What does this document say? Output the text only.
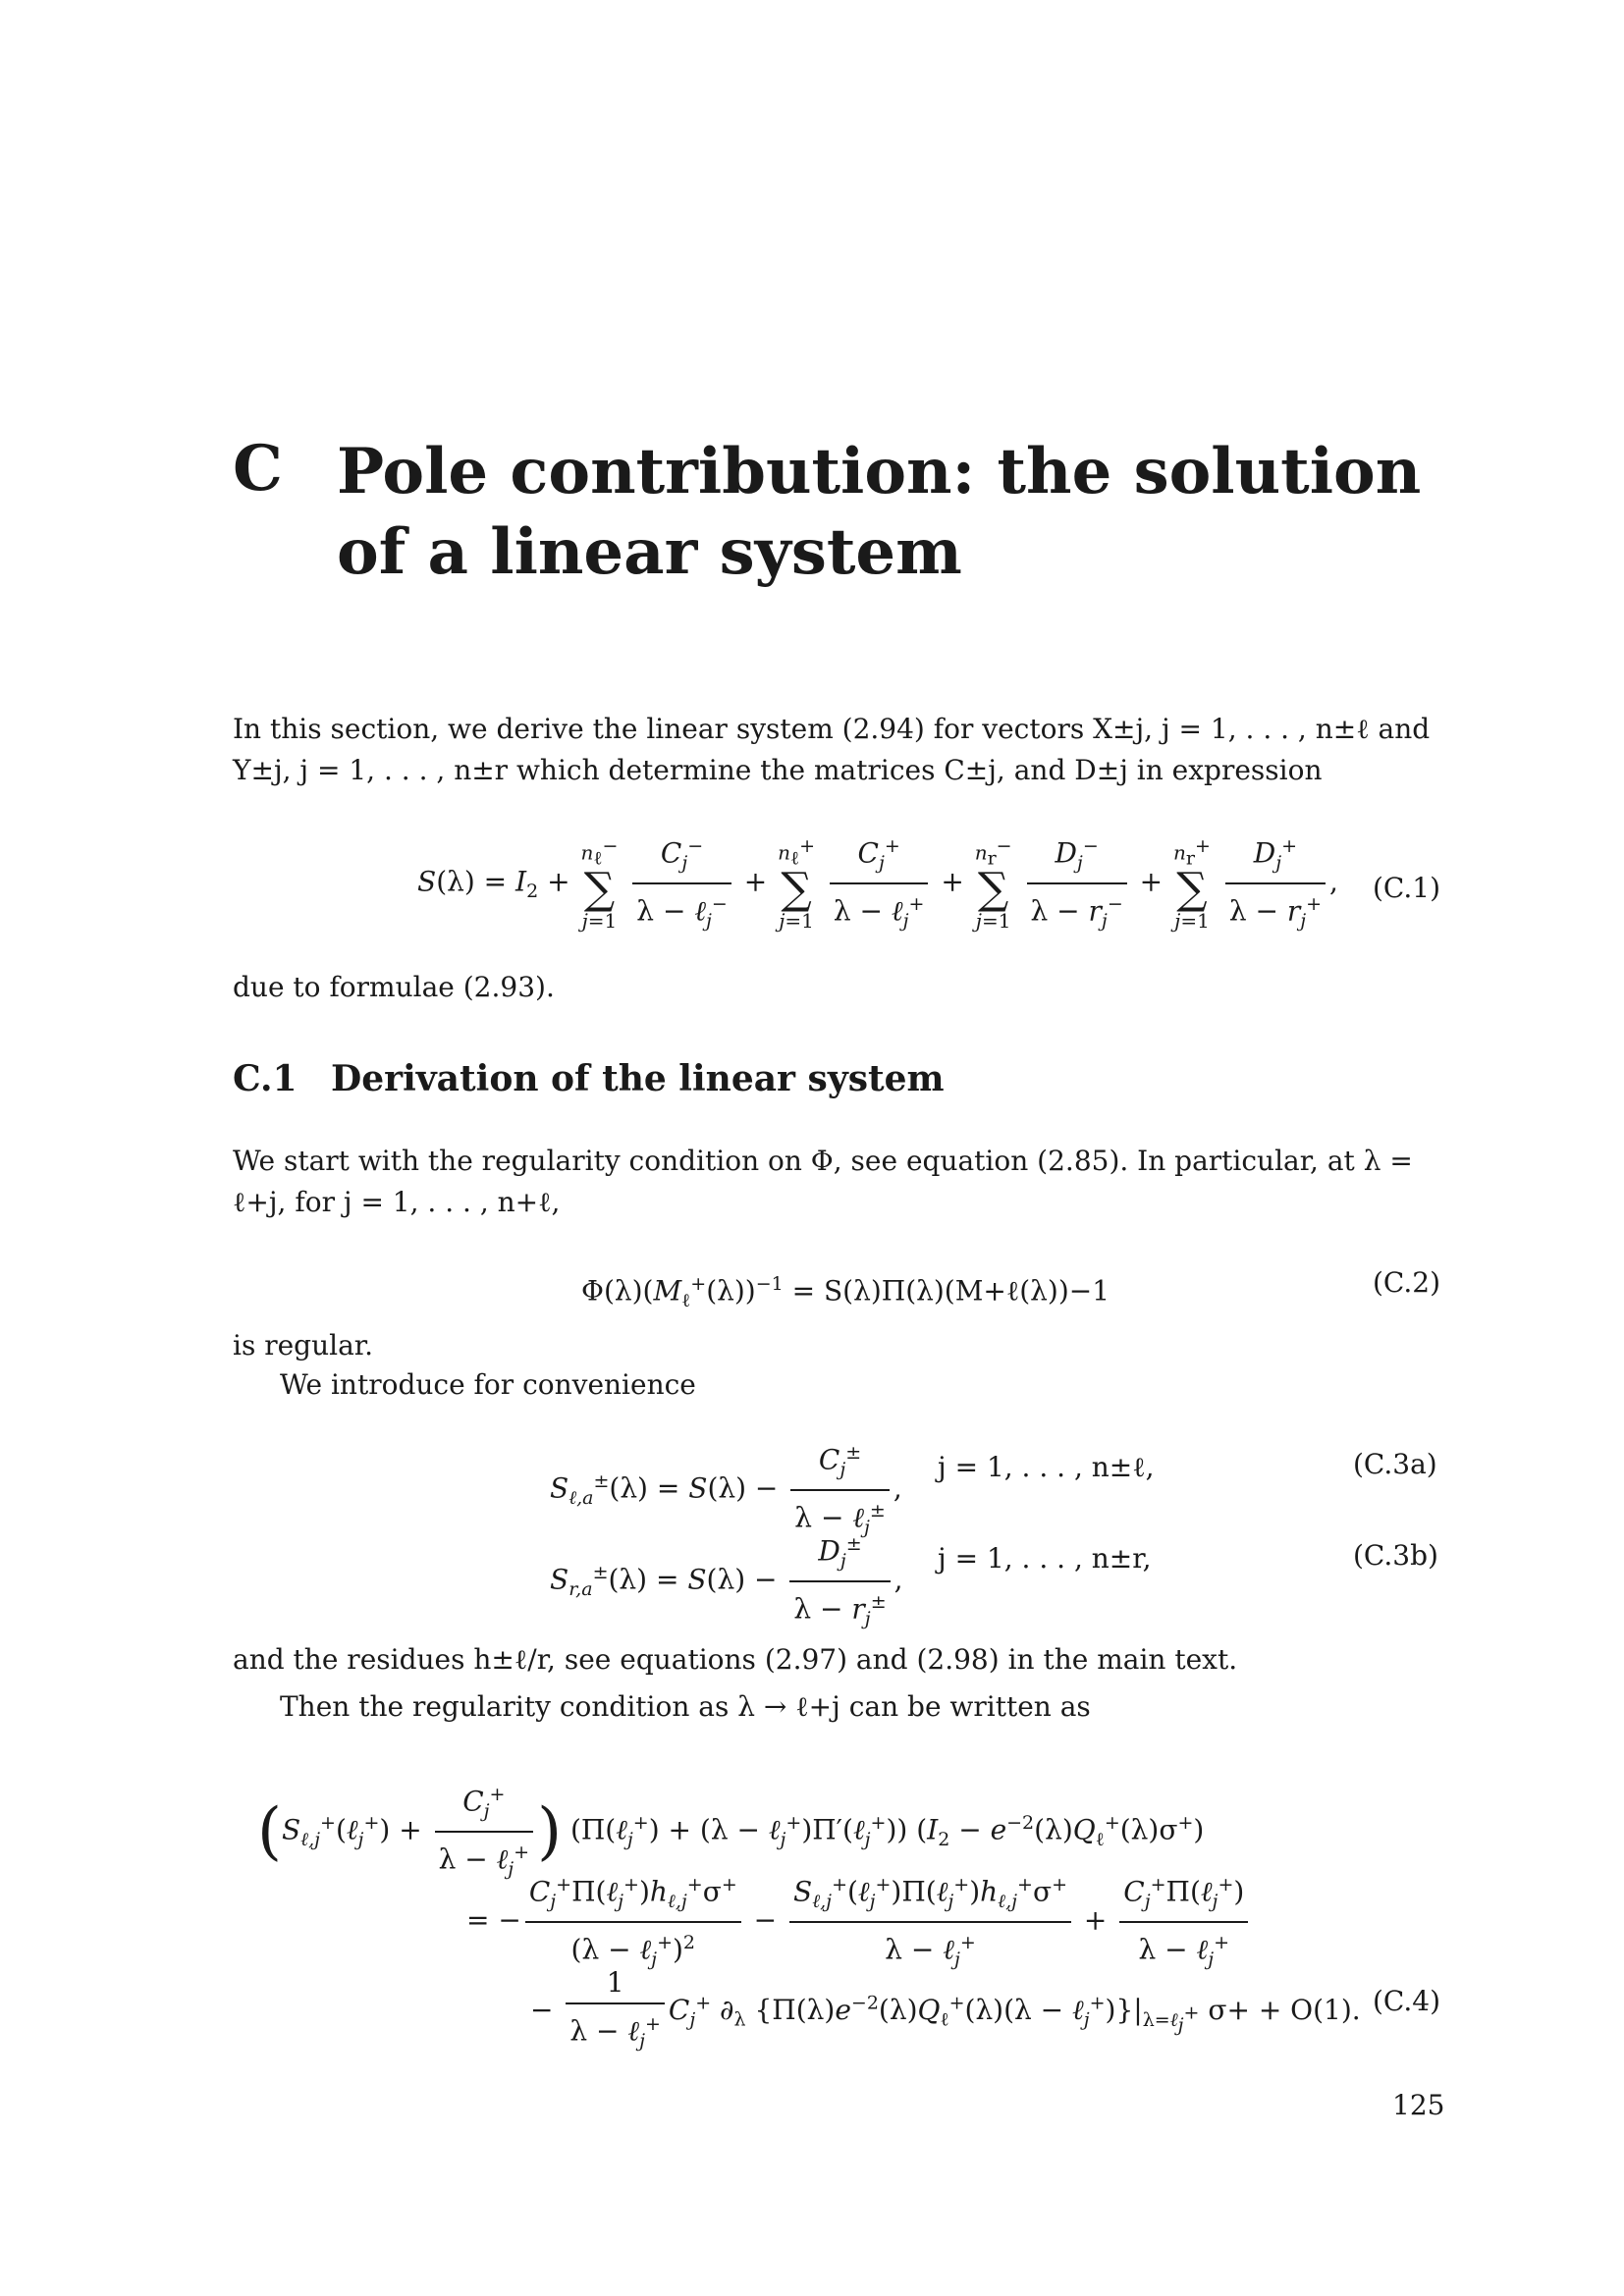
C Pole contribution: the solution of a linear system
In this section, we derive the linear system (2.94) for vectors X±j, j = 1, . . . , n±ℓ and Y±j, j = 1, . . . , n±r which determine the matrices C±j, and D±j in expression
$S(\lambda) = I_2$ +
$n_\ell^-$
∑
j=1
$\frac{C_j^-}{\lambda - \ell_j^-}$ +
$n_\ell^+$
∑
j=1
$\frac{C_j^+}{\lambda - \ell_j^+}$ +
$n_r^-$
∑
j=1
$\frac{D_j^-}{\lambda - r_j^-}$ +
$n_r^+$
∑
j=1
$\frac{D_j^+}{\lambda - r_j^+}$ , (C.1)
due to formulae (2.93).
C.1 Derivation of the linear system
We start with the regularity condition on Φ, see equation (2.85). In particular, at λ = ℓ+j, for j = 1, . . . , n+ℓ,
$\Phi(\lambda)(M_\ell^+(\lambda))^{-1}$ = S(λ)Π(λ)(M+ℓ(λ))−1	(C.2)
is regular.
We introduce for convenience
$S_{\ell,a}^\pm(\lambda) = S(\lambda) - \frac{C_j^\pm}{\lambda - \ell_j^\pm}$ ,
j = 1, . . . , n±ℓ,	(C.3a)
$S_{r,a}^\pm(\lambda) = S(\lambda) - \frac{D_j^\pm}{\lambda - r_j^\pm}$ ,
j = 1, . . . , n±r,	(C.3b)
and the residues h±ℓ/r, see equations (2.97) and (2.98) in the main text.
Then the regularity condition as λ → ℓ+j can be written as
($S_{\ell,j}^+(\ell_j^+) + \frac{C_j^+}{\lambda - \ell_j^+}$ ) (Π(ℓ$_j$+) + (λ − ℓ$_j$+)Π′(ℓ$_j$+)) $(I_2 - e^{-2}(\lambda)Q_\ell^+(\lambda)\sigma^+)$
= − $\frac{C_j^+\Pi(\ell_j^+)h_{\ell,j}^+\sigma^+}{(\lambda - \ell_j^+)^2} - \frac{S_{\ell,j}^+(\ell_j^+)\Pi(\ell_j^+)h_{\ell,j}^+\sigma^+}{\lambda - \ell_j^+} + \frac{C_j^+\Pi(\ell_j^+)}{\lambda - \ell_j^+}$
− $\frac{1}{\lambda - \ell_j^+} C_j^+$ $\partial_\lambda$ {$\Pi(\lambda)e^{-2}(\lambda)Q_\ell^+(\lambda)(\lambda$ − $\ell_j^+)\}|_{\lambda=\ell_j^+}$ σ+ + O(1). (C.4)
125
